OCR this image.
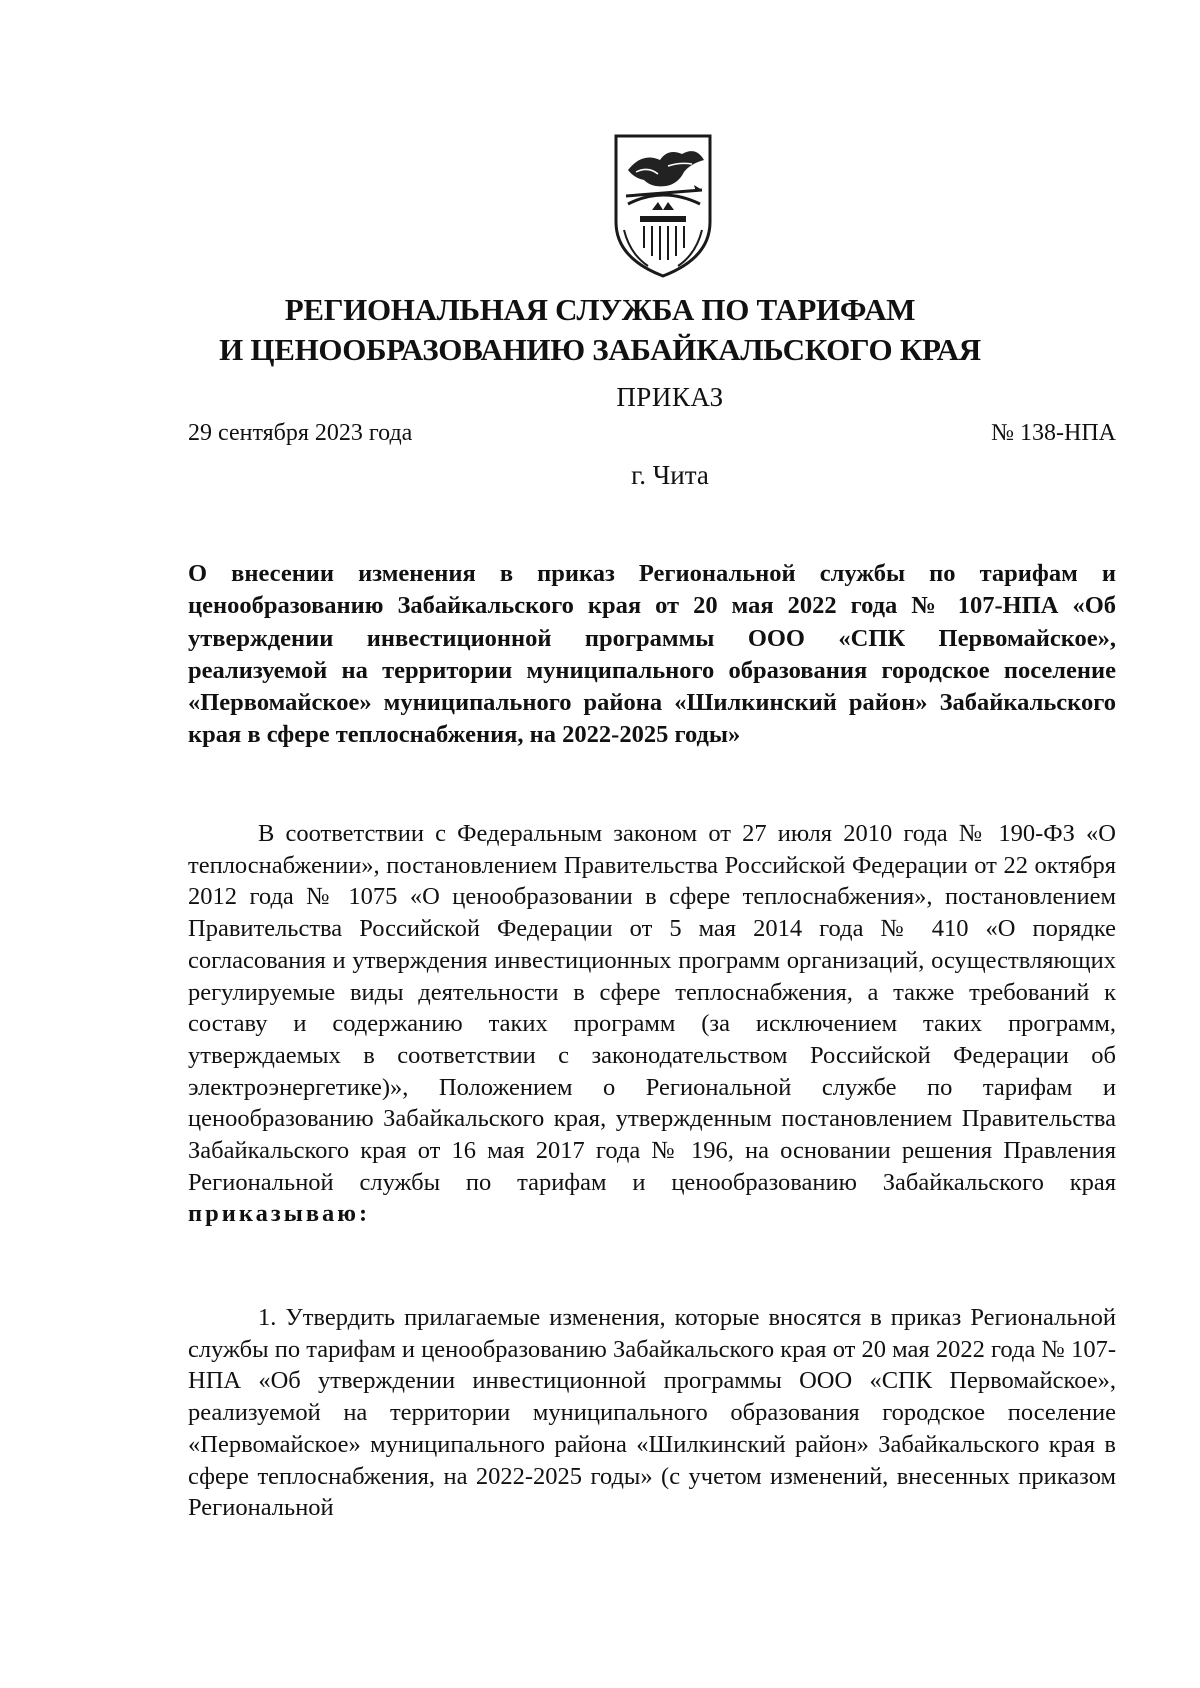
РЕГИОНАЛЬНАЯ СЛУЖБА ПО ТАРИФАМ
И ЦЕНООБРАЗОВАНИЮ ЗАБАЙКАЛЬСКОГО КРАЯ
ПРИКАЗ
29 сентября 2023 года	№ 138-НПА
г. Чита
О внесении изменения в приказ Региональной службы по тарифам и ценообразованию Забайкальского края от 20 мая 2022 года № 107-НПА «Об утверждении инвестиционной программы ООО «СПК Первомайское», реализуемой на территории муниципального образования городское поселение «Первомайское» муниципального района «Шилкинский район» Забайкальского края в сфере теплоснабжения, на 2022-2025 годы»
В соответствии с Федеральным законом от 27 июля 2010 года № 190-ФЗ «О теплоснабжении», постановлением Правительства Российской Федерации от 22 октября 2012 года № 1075 «О ценообразовании в сфере теплоснабжения», постановлением Правительства Российской Федерации от 5 мая 2014 года № 410 «О порядке согласования и утверждения инвестиционных программ организаций, осуществляющих регулируемые виды деятельности в сфере теплоснабжения, а также требований к составу и содержанию таких программ (за исключением таких программ, утверждаемых в соответствии с законодательством Российской Федерации об электроэнергетике)», Положением о Региональной службе по тарифам и ценообразованию Забайкальского края, утвержденным постановлением Правительства Забайкальского края от 16 мая 2017 года № 196, на основании решения Правления Региональной службы по тарифам и ценообразованию Забайкальского края приказываю:
1. Утвердить прилагаемые изменения, которые вносятся в приказ Региональной службы по тарифам и ценообразованию Забайкальского края от 20 мая 2022 года № 107-НПА «Об утверждении инвестиционной программы ООО «СПК Первомайское», реализуемой на территории муниципального образования городское поселение «Первомайское» муниципального района «Шилкинский район» Забайкальского края в сфере теплоснабжения, на 2022-2025 годы» (с учетом изменений, внесенных приказом Региональной
